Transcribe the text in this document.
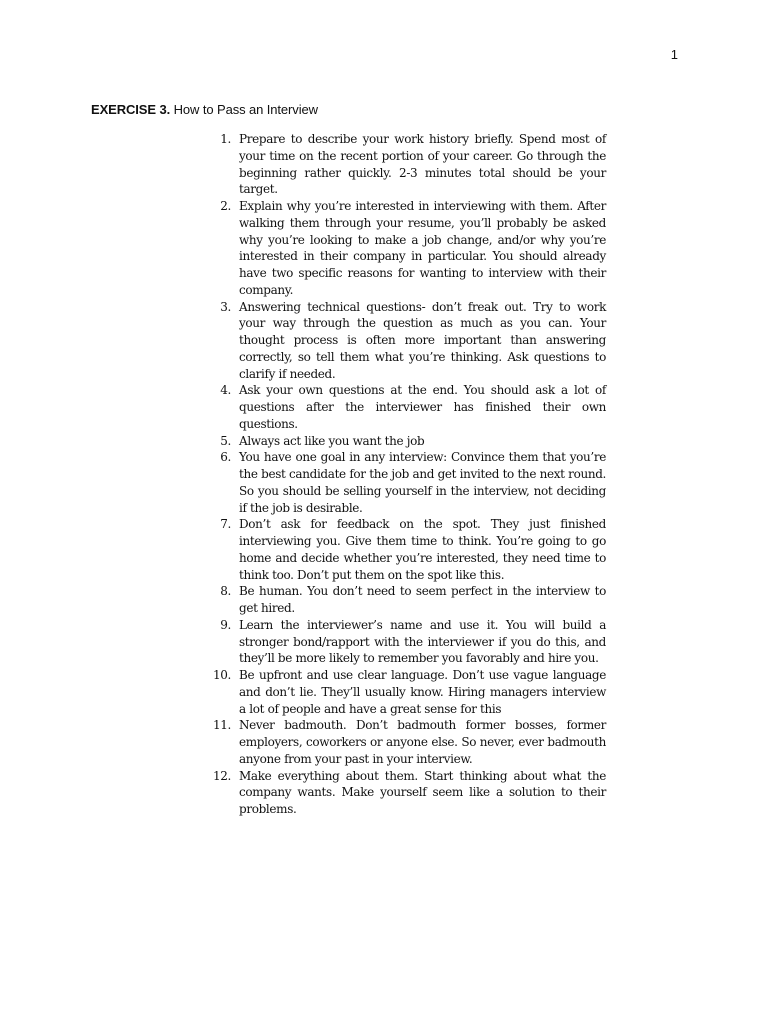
1
EXERCISE 3. How to Pass an Interview
1. Prepare to describe your work history briefly. Spend most of your time on the recent portion of your career. Go through the beginning rather quickly. 2-3 minutes total should be your target.
2. Explain why you’re interested in interviewing with them. After walking them through your resume, you’ll probably be asked why you’re looking to make a job change, and/or why you’re interested in their company in particular. You should already have two specific reasons for wanting to interview with their company.
3. Answering technical questions- don’t freak out. Try to work your way through the question as much as you can. Your thought process is often more important than answering correctly, so tell them what you’re thinking. Ask questions to clarify if needed.
4. Ask your own questions at the end. You should ask a lot of questions after the interviewer has finished their own questions.
5. Always act like you want the job
6. You have one goal in any interview: Convince them that you’re the best candidate for the job and get invited to the next round. So you should be selling yourself in the interview, not deciding if the job is desirable.
7. Don’t ask for feedback on the spot. They just finished interviewing you. Give them time to think. You’re going to go home and decide whether you’re interested, they need time to think too. Don’t put them on the spot like this.
8. Be human. You don’t need to seem perfect in the interview to get hired.
9. Learn the interviewer’s name and use it. You will build a stronger bond/rapport with the interviewer if you do this, and they’ll be more likely to remember you favorably and hire you.
10. Be upfront and use clear language. Don’t use vague language and don’t lie. They’ll usually know. Hiring managers interview a lot of people and have a great sense for this
11. Never badmouth. Don’t badmouth former bosses, former employers, coworkers or anyone else. So never, ever badmouth anyone from your past in your interview.
12. Make everything about them. Start thinking about what the company wants. Make yourself seem like a solution to their problems.
